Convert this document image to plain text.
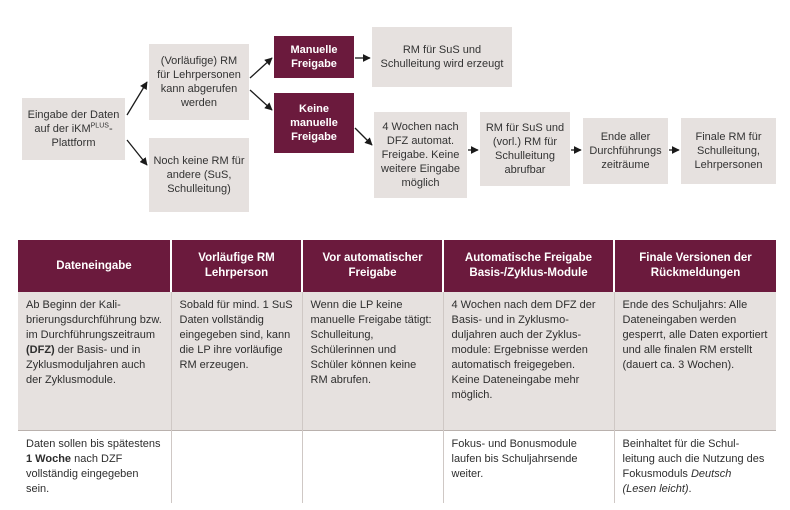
Eingabe der Daten auf der iKM$^{PLUS}$-Plattform
(Vorläufige) RM für Lehrpersonen kann abgerufen werden
Noch keine RM für andere (SuS, Schulleitung)
Manuelle Freigabe
Keine manuelle Freigabe
RM für SuS und Schulleitung wird erzeugt
4 Wochen nach DFZ automat. Freigabe. Keine weitere Eingabe möglich
RM für SuS und (vorl.) RM für Schulleitung abrufbar
Ende aller Durchführungs zeiträume
Finale RM für Schulleitung, Lehrpersonen
Dateneingabe	Vorläufige RM Lehrperson	Vor automatischer Freigabe	Automatische Freigabe Basis-/Zyklus-Module	Finale Versionen der Rückmeldungen
Ab Beginn der Kalibrierungsdurchführung bzw. im Durchführungszeitraum (DFZ) der Basis- und in Zyklusmoduljahren auch der Zyklusmodule.	Sobald für mind. 1 SuS Daten vollständig eingegeben sind, kann die LP ihre vorläufige RM erzeugen.	Wenn die LP keine manuelle Freigabe tätigt: Schulleitung, Schülerinnen und Schüler können keine RM abrufen.	4 Wochen nach dem DFZ der Basis- und in Zyklusmoduljahren auch der Zyklusmodule: Ergebnisse werden automatisch freigegeben. Keine Dateneingabe mehr möglich.	Ende des Schuljahrs: Alle Dateneingaben werden gesperrt, alle Daten exportiert und alle finalen RM erstellt (dauert ca. 3 Wochen).
Daten sollen bis spätestens 1 Woche nach DZF vollständig eingegeben sein.			Fokus- und Bonusmodule laufen bis Schuljahrsende weiter.	Beinhaltet für die Schulleitung auch die Nutzung des Fokusmoduls Deutsch (Lesen leicht).
